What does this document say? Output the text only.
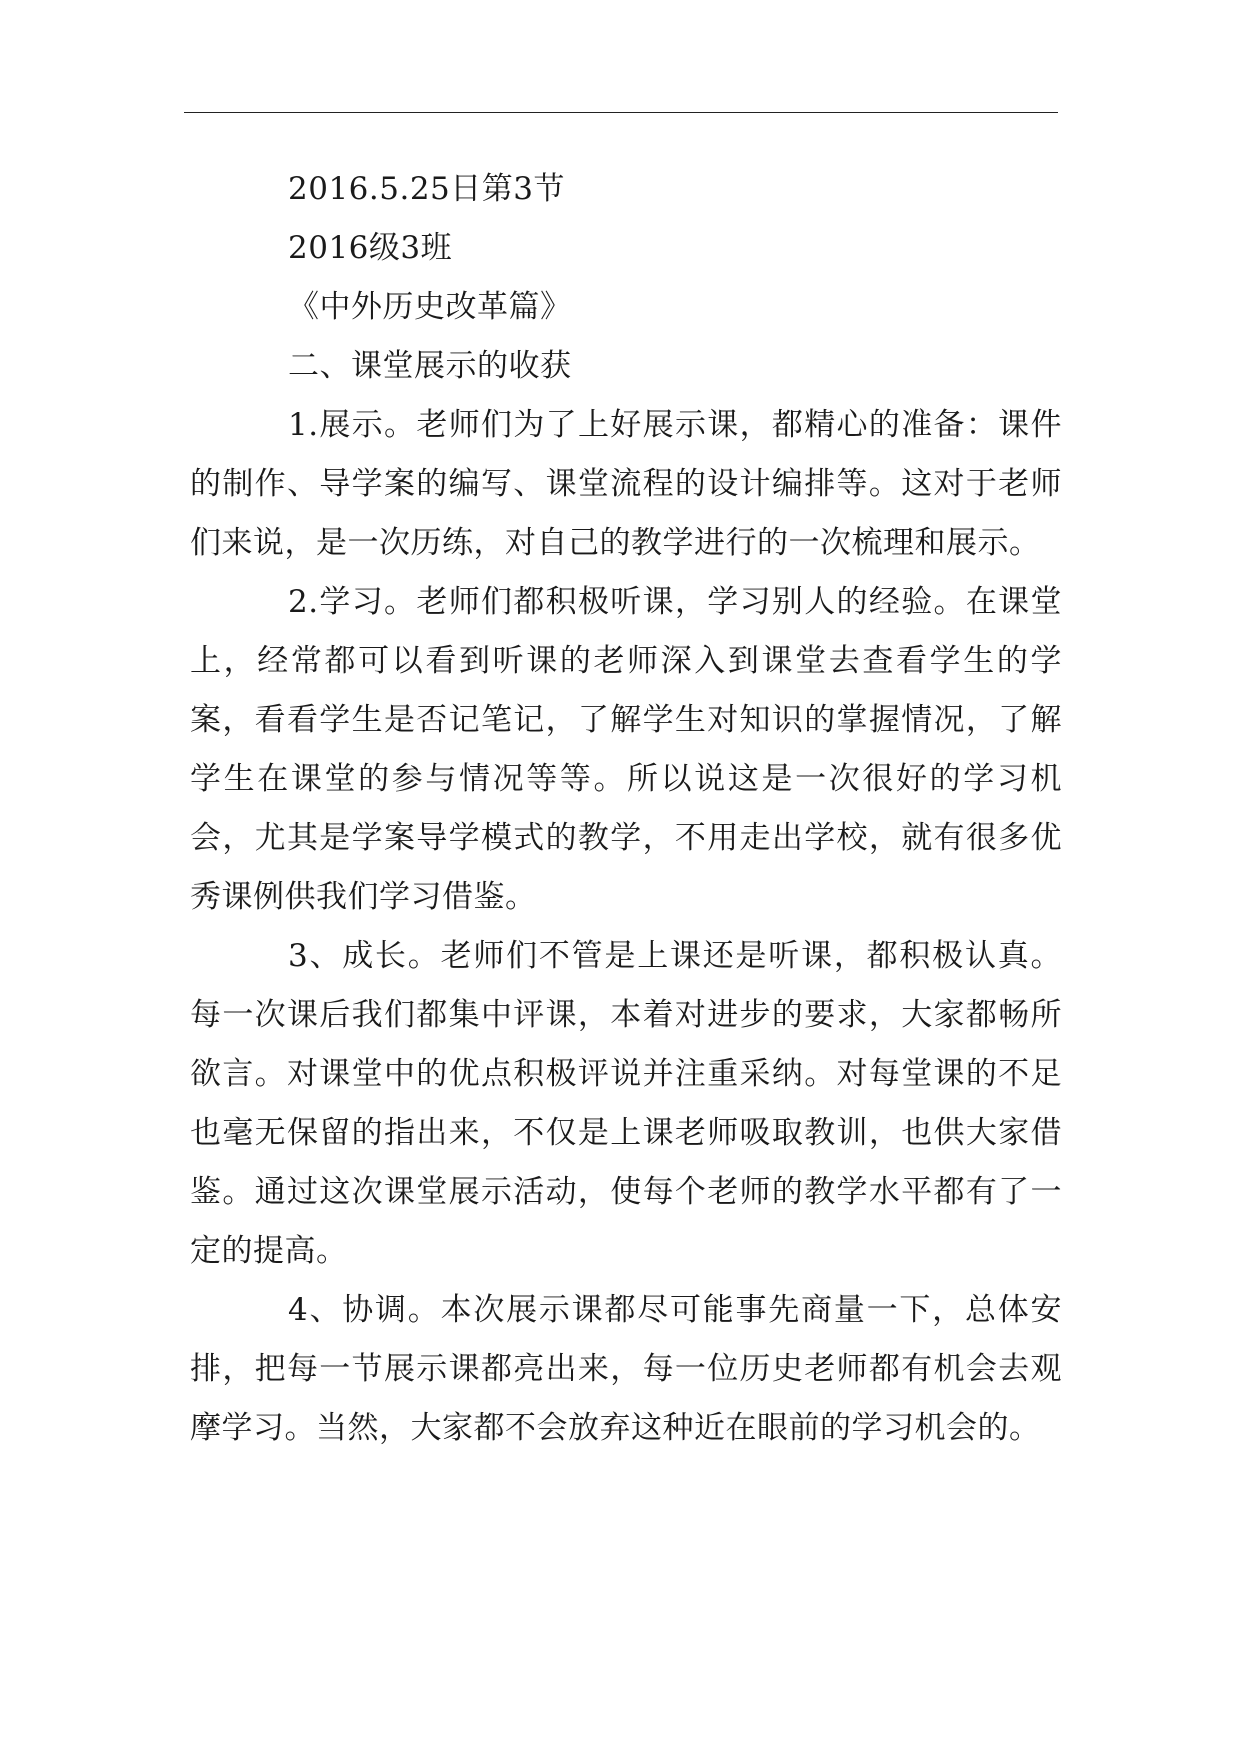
2016.5.25日第3节

2016级3班

《中外历史改革篇》

二、课堂展示的收获

1.展示。老师们为了上好展示课，都精心的准备：课件的制作、导学案的编写、课堂流程的设计编排等。这对于老师们来说，是一次历练，对自己的教学进行的一次梳理和展示。

2.学习。老师们都积极听课，学习别人的经验。在课堂上，经常都可以看到听课的老师深入到课堂去查看学生的学案，看看学生是否记笔记，了解学生对知识的掌握情况，了解学生在课堂的参与情况等等。所以说这是一次很好的学习机会，尤其是学案导学模式的教学，不用走出学校，就有很多优秀课例供我们学习借鉴。

3、成长。老师们不管是上课还是听课，都积极认真。每一次课后我们都集中评课，本着对进步的要求，大家都畅所欲言。对课堂中的优点积极评说并注重采纳。对每堂课的不足也毫无保留的指出来，不仅是上课老师吸取教训，也供大家借鉴。通过这次课堂展示活动，使每个老师的教学水平都有了一定的提高。

4、协调。本次展示课都尽可能事先商量一下，总体安排，把每一节展示课都亮出来，每一位历史老师都有机会去观摩学习。当然，大家都不会放弃这种近在眼前的学习机会的。
